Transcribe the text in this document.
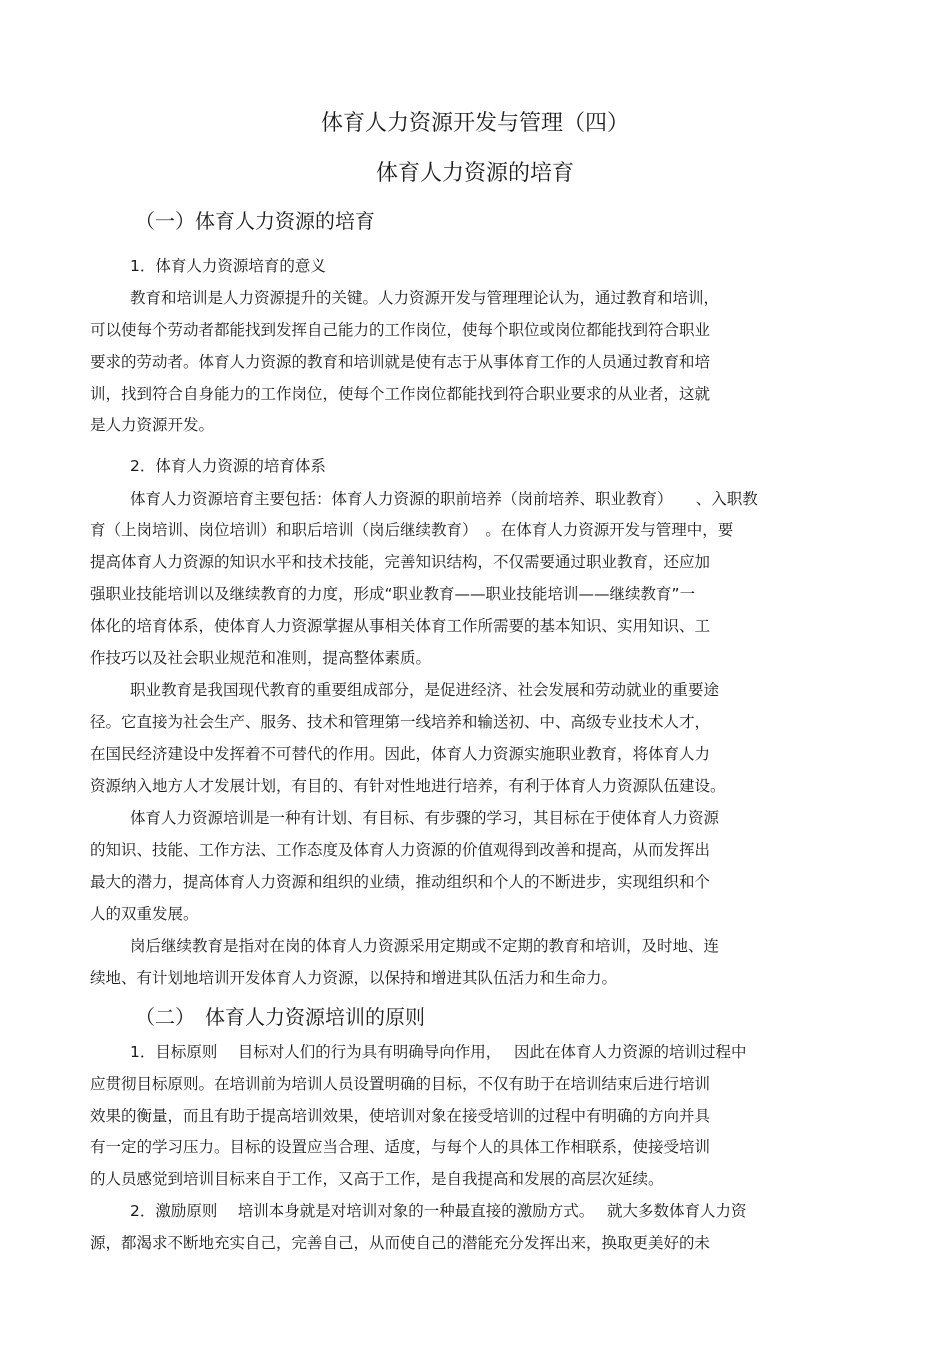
体育人力资源开发与管理（四）
体育人力资源的培育
（一）体育人力资源的培育
1．体育人力资源培育的意义
教育和培训是人力资源提升的关键。人力资源开发与管理理论认为，通过教育和培训，
可以使每个劳动者都能找到发挥自己能力的工作岗位，使每个职位或岗位都能找到符合职业
要求的劳动者。体育人力资源的教育和培训就是使有志于从事体育工作的人员通过教育和培
训，找到符合自身能力的工作岗位，使每个工作岗位都能找到符合职业要求的从业者，这就
是人力资源开发。
2．体育人力资源的培育体系
体育人力资源培育主要包括：体育人力资源的职前培养（岗前培养、职业教育）　　、入职教
育（上岗培训、岗位培训）和职后培训（岗后继续教育）　。在体育人力资源开发与管理中，要
提高体育人力资源的知识水平和技术技能，完善知识结构，不仅需要通过职业教育，还应加
强职业技能培训以及继续教育的力度，形成“职业教育——职业技能培训——继续教育”一
体化的培育体系，使体育人力资源掌握从事相关体育工作所需要的基本知识、实用知识、工
作技巧以及社会职业规范和准则，提高整体素质。
职业教育是我国现代教育的重要组成部分，是促进经济、社会发展和劳动就业的重要途
径。它直接为社会生产、服务、技术和管理第一线培养和输送初、中、高级专业技术人才，
在国民经济建设中发挥着不可替代的作用。因此，体育人力资源实施职业教育，将体育人力
资源纳入地方人才发展计划，有目的、有针对性地进行培养，有利于体育人力资源队伍建设。
体育人力资源培训是一种有计划、有目标、有步骤的学习，其目标在于使体育人力资源
的知识、技能、工作方法、工作态度及体育人力资源的价值观得到改善和提高，从而发挥出
最大的潜力，提高体育人力资源和组织的业绩，推动组织和个人的不断进步，实现组织和个
人的双重发展。
岗后继续教育是指对在岗的体育人力资源采用定期或不定期的教育和培训，及时地、连
续地、有计划地培训开发体育人力资源，以保持和增进其队伍活力和生命力。
（二）　体育人力资源培训的原则
1．目标原则　 目标对人们的行为具有明确导向作用，　 因此在体育人力资源的培训过程中
应贯彻目标原则。在培训前为培训人员设置明确的目标，不仅有助于在培训结束后进行培训
效果的衡量，而且有助于提高培训效果，使培训对象在接受培训的过程中有明确的方向并具
有一定的学习压力。目标的设置应当合理、适度，与每个人的具体工作相联系，使接受培训
的人员感觉到培训目标来自于工作，又高于工作，是自我提高和发展的高层次延续。
2．激励原则　 培训本身就是对培训对象的一种最直接的激励方式。　 就大多数体育人力资
源，都渴求不断地充实自己，完善自己，从而使自己的潜能充分发挥出来，换取更美好的未
